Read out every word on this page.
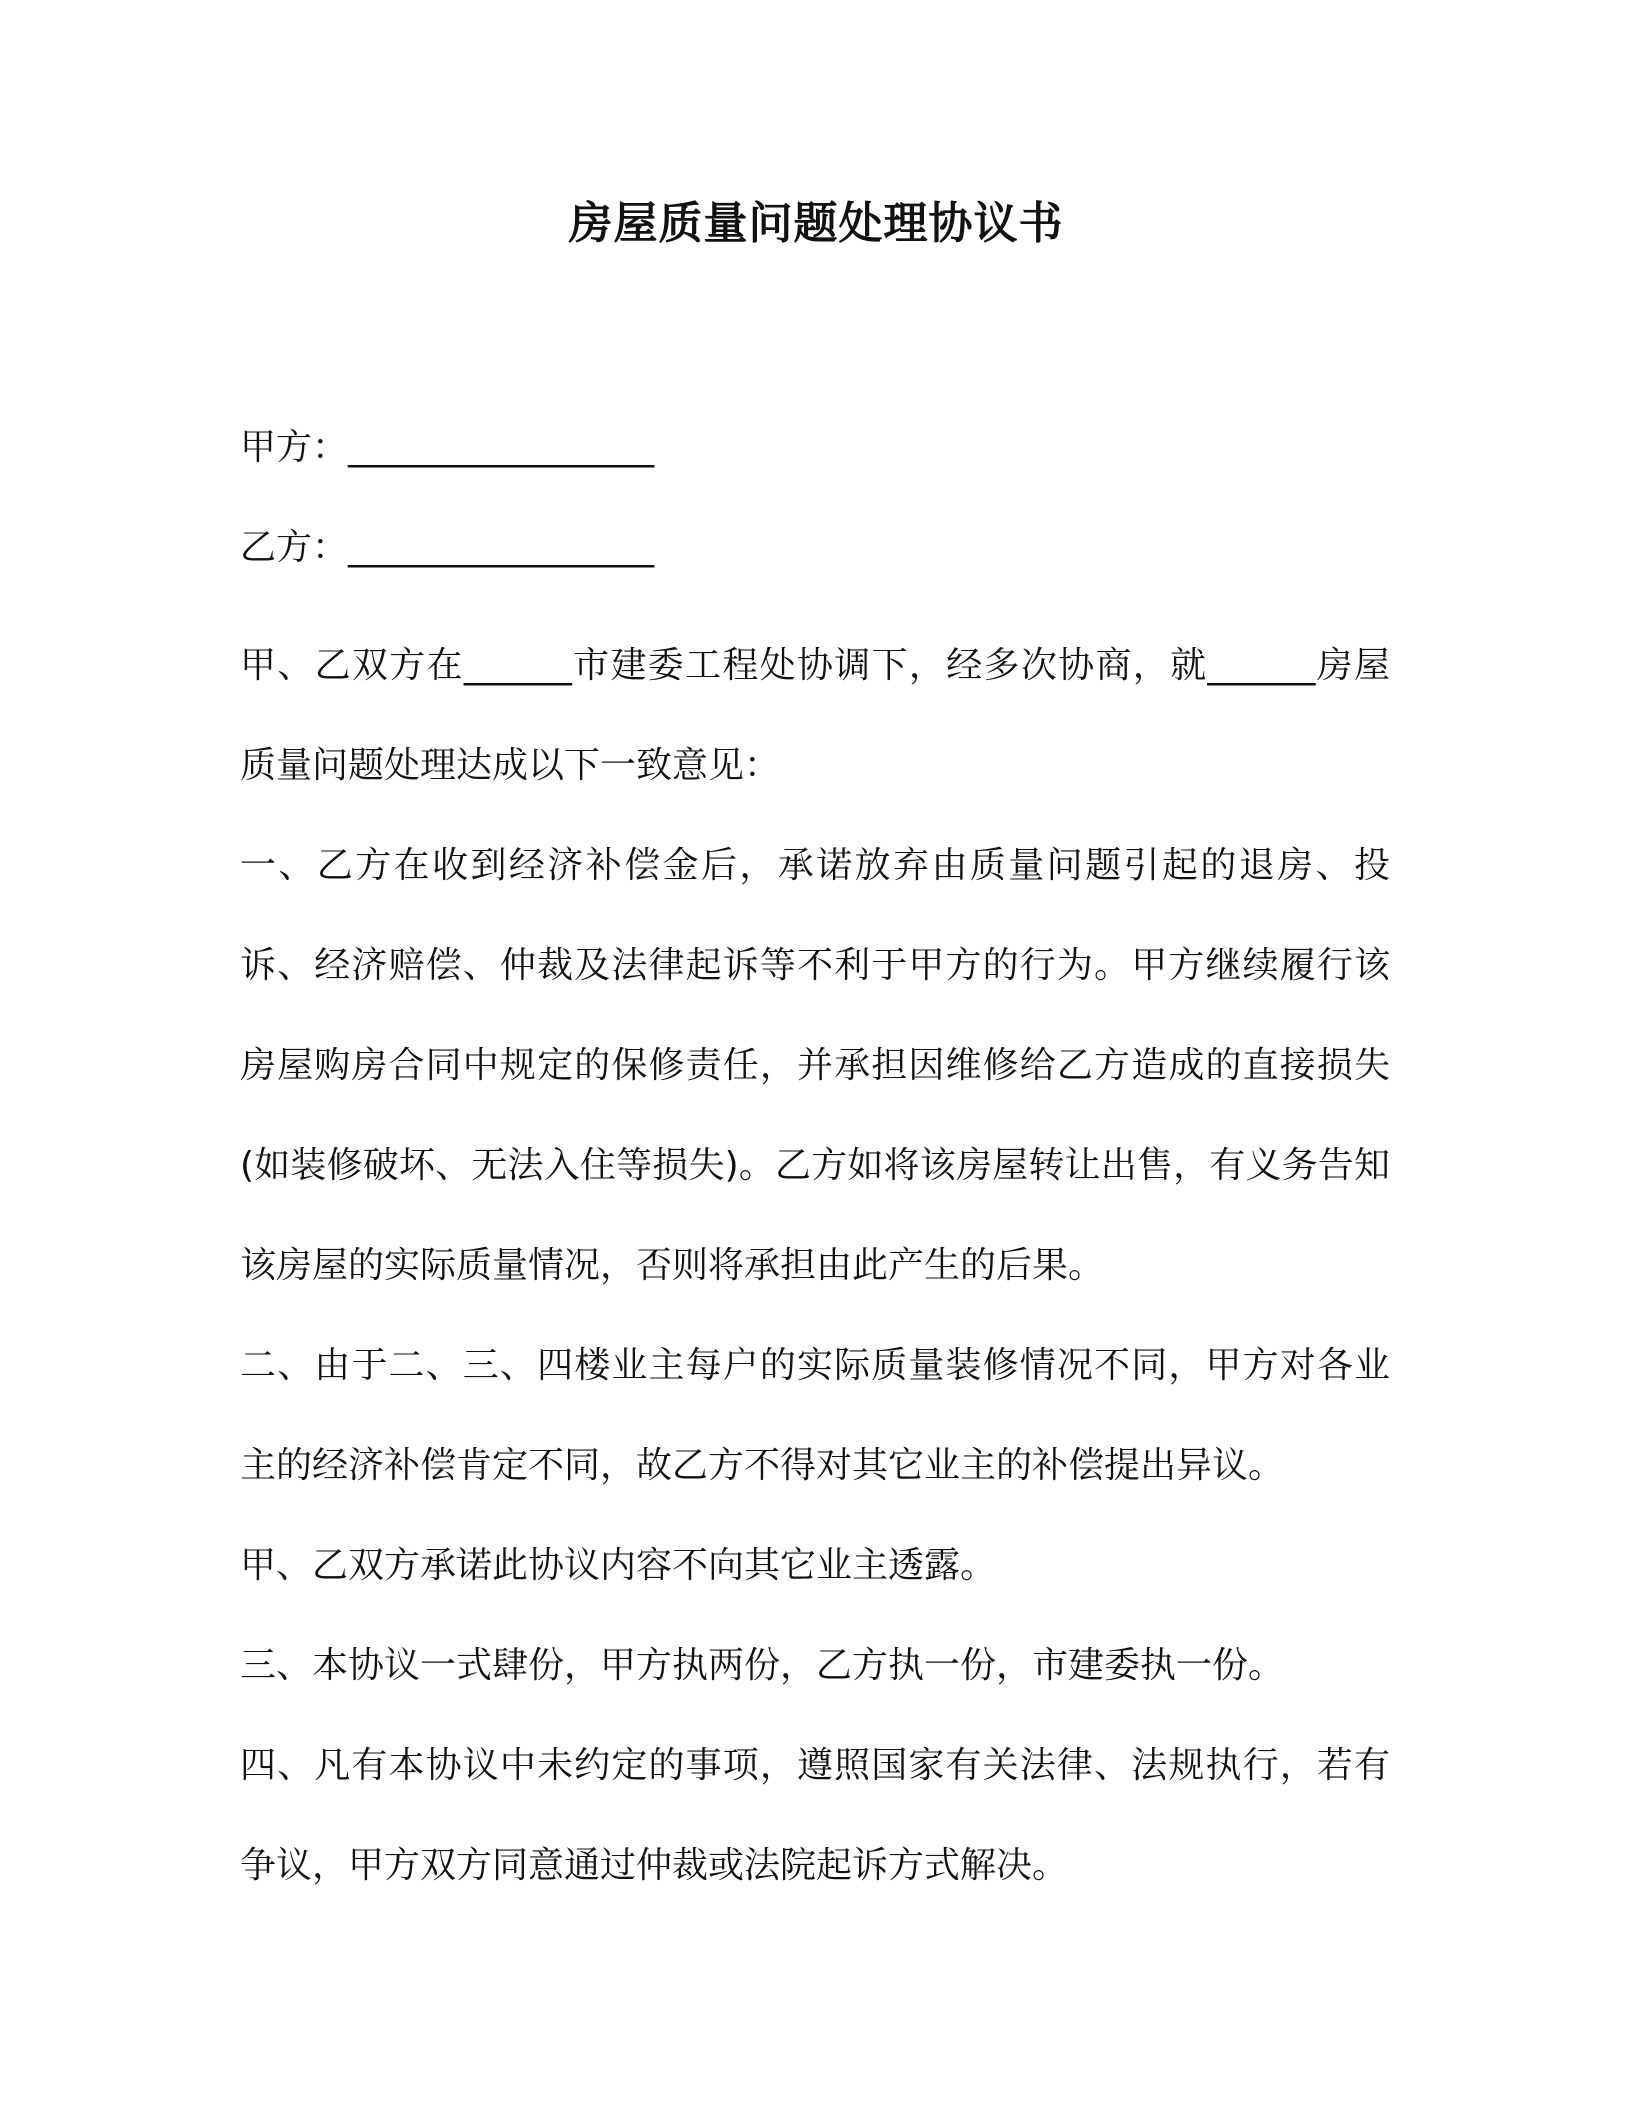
房屋质量问题处理协议书
甲方：_________________
乙方：_________________

甲、乙双方在______市建委工程处协调下，经多次协商，就______房屋质量问题处理达成以下一致意见：

一、乙方在收到经济补偿金后，承诺放弃由质量问题引起的退房、投诉、经济赔偿、仲裁及法律起诉等不利于甲方的行为。甲方继续履行该房屋购房合同中规定的保修责任，并承担因维修给乙方造成的直接损失(如装修破坏、无法入住等损失)。乙方如将该房屋转让出售，有义务告知该房屋的实际质量情况，否则将承担由此产生的后果。

二、由于二、三、四楼业主每户的实际质量装修情况不同，甲方对各业主的经济补偿肯定不同，故乙方不得对其它业主的补偿提出异议。

甲、乙双方承诺此协议内容不向其它业主透露。

三、本协议一式肆份，甲方执两份，乙方执一份，市建委执一份。

四、凡有本协议中未约定的事项，遵照国家有关法律、法规执行，若有争议，甲方双方同意通过仲裁或法院起诉方式解决。
